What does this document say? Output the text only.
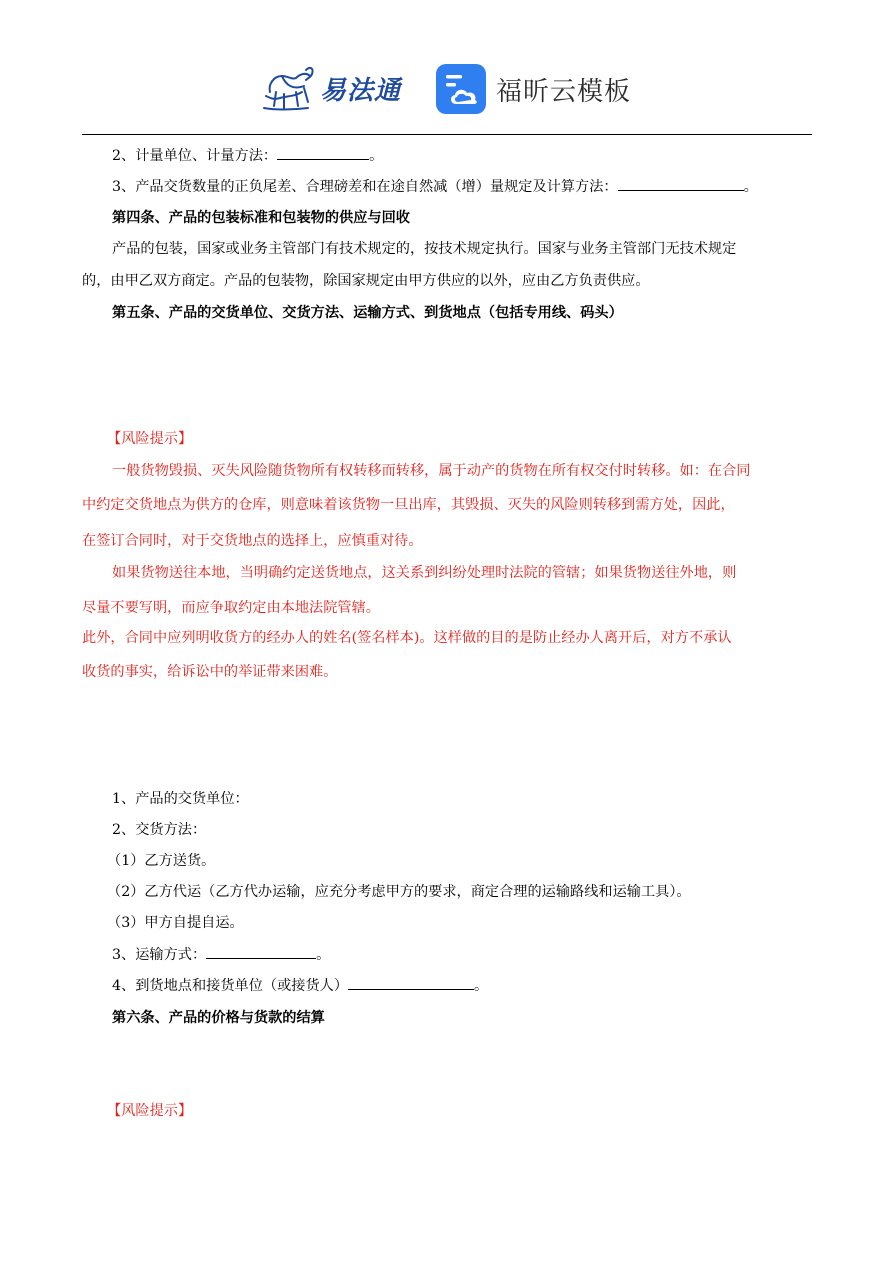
易法通	福昕云模板
2、计量单位、计量方法：	。
3、产品交货数量的正负尾差、合理磅差和在途自然减（增）量规定及计算方法：	。
第四条、产品的包装标准和包装物的供应与回收
产品的包装，国家或业务主管部门有技术规定的，按技术规定执行。国家与业务主管部门无技术规定
的，由甲乙双方商定。产品的包装物，除国家规定由甲方供应的以外，应由乙方负责供应。
第五条、产品的交货单位、交货方法、运输方式、到货地点（包括专用线、码头）
【风险提示】
一般货物毁损、灭失风险随货物所有权转移而转移，属于动产的货物在所有权交付时转移。如：在合同
中约定交货地点为供方的仓库，则意味着该货物一旦出库，其毁损、灭失的风险则转移到需方处，因此，
在签订合同时，对于交货地点的选择上，应慎重对待。
如果货物送往本地，当明确约定送货地点，这关系到纠纷处理时法院的管辖；如果货物送往外地，则
尽量不要写明，而应争取约定由本地法院管辖。
此外，合同中应列明收货方的经办人的姓名(签名样本)。这样做的目的是防止经办人离开后，对方不承认
收货的事实，给诉讼中的举证带来困难。
1、产品的交货单位：
2、交货方法：
（1）乙方送货。
（2）乙方代运（乙方代办运输，应充分考虑甲方的要求，商定合理的运输路线和运输工具）。
（3）甲方自提自运。
3、运输方式：	。
4、到货地点和接货单位（或接货人）	。
第六条、产品的价格与货款的结算
【风险提示】
